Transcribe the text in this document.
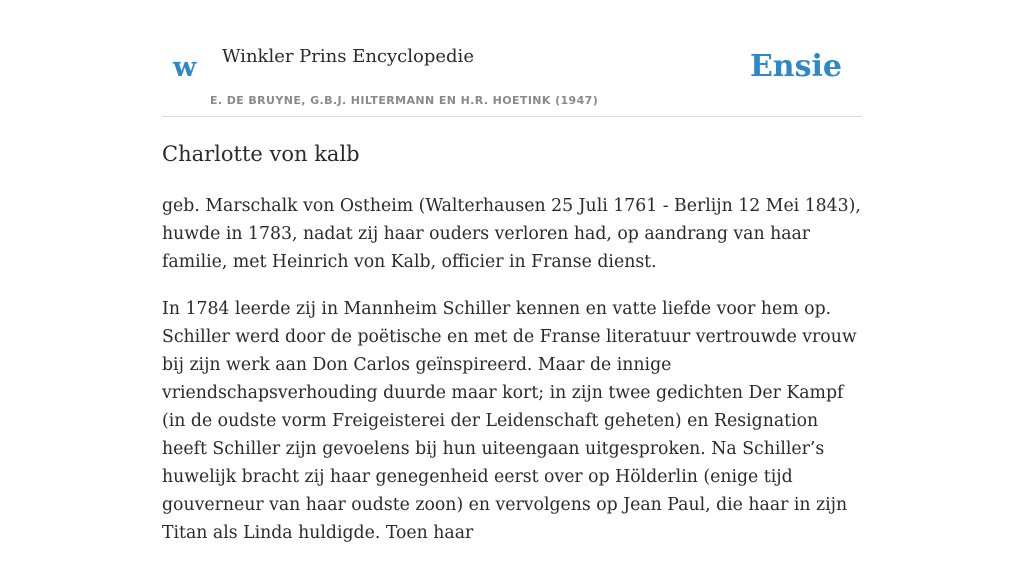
w Winkler Prins Encyclopedie
E. DE BRUYNE, G.B.J. HILTERMANN EN H.R. HOETINK (1947)
Ensie
Charlotte von kalb

geb. Marschalk von Ostheim (Walterhausen 25 Juli 1761 - Berlijn 12 Mei 1843), huwde in 1783, nadat zij haar ouders verloren had, op aandrang van haar familie, met Heinrich von Kalb, officier in Franse dienst.

In 1784 leerde zij in Mannheim Schiller kennen en vatte liefde voor hem op. Schiller werd door de poëtische en met de Franse literatuur vertrouwde vrouw bij zijn werk aan Don Carlos geïnspireerd. Maar de innige vriendschapsverhouding duurde maar kort; in zijn twee gedichten Der Kampf (in de oudste vorm Freigeisterei der Leidenschaft geheten) en Resignation heeft Schiller zijn gevoelens bij hun uiteengaan uitgesproken. Na Schiller’s huwelijk bracht zij haar genegenheid eerst over op Hölderlin (enige tijd gouverneur van haar oudste zoon) en vervolgens op Jean Paul, die haar in zijn Titan als Linda huldigde. Toen haar
